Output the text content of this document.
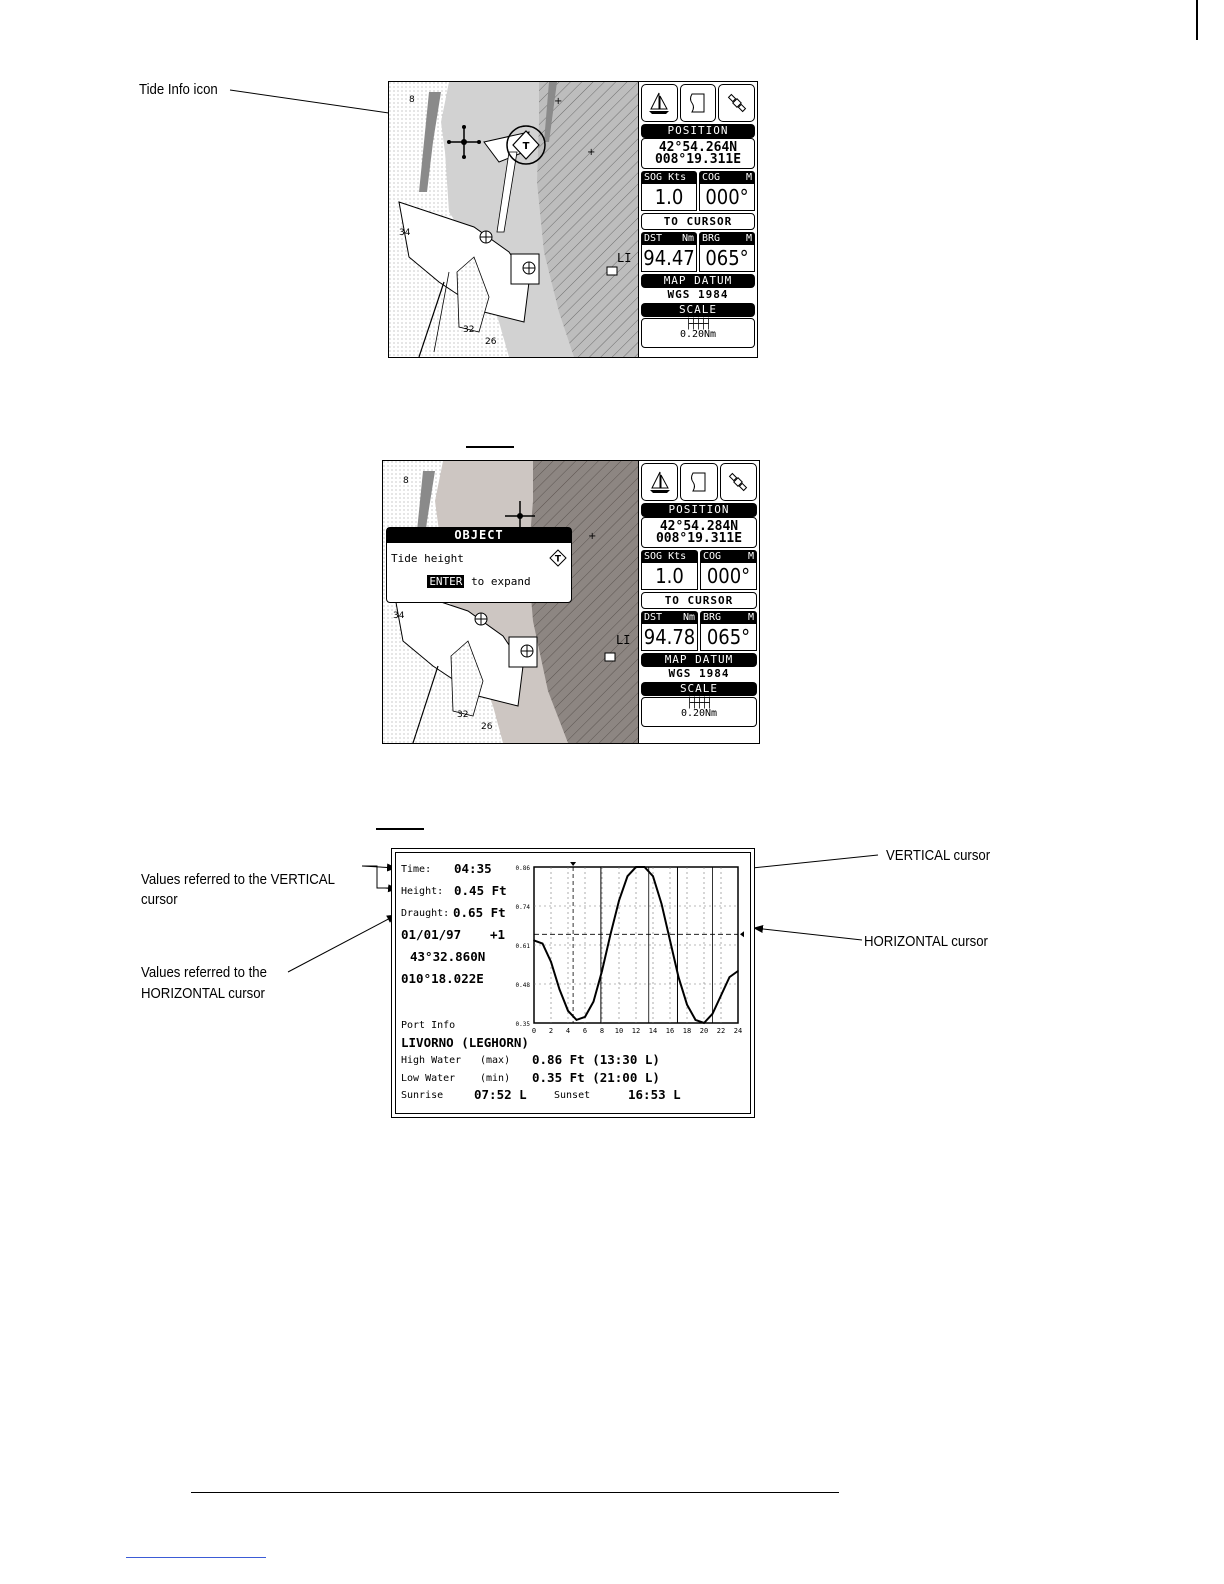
Tide Info icon
T
+
+
8
34
32
26
LI
POSITION
42°54.264N
008°19.311E
SOG Kts
1.0
COG	M
000°
TO CURSOR
DST Nm
94.47
BRG	M
065°
MAP DATUM
WGS 1984
SCALE
├┼┼┼┤
0.20Nm
+
8
34
32
26
LI
OBJECT
Tide height	T
ENTER to expand
POSITION
42°54.284N
008°19.311E
SOG Kts
1.0
COG	M
000°
TO CURSOR
DST Nm
94.78
BRG	M
065°
MAP DATUM
WGS 1984
SCALE
├┼┼┼┤
0.20Nm
Values referred to the VERTICAL
cursor
Values referred to the
HORIZONTAL cursor
VERTICAL cursor
HORIZONTAL cursor
Time: 04:35
Height: 0.45 Ft
Draught: 0.65 Ft
01/01/97 +1
43°32.860N
010°18.022E
0 2 4 6 8 10 12 14 16 18 20 22 24
0.86
0.74
0.61
0.48
0.35
Port Info
LIVORNO (LEGHORN)
High Water (max) 0.86 Ft (13:30 L)
Low Water (min) 0.35 Ft (21:00 L)
Sunrise 07:52 L	Sunset	16:53 L
